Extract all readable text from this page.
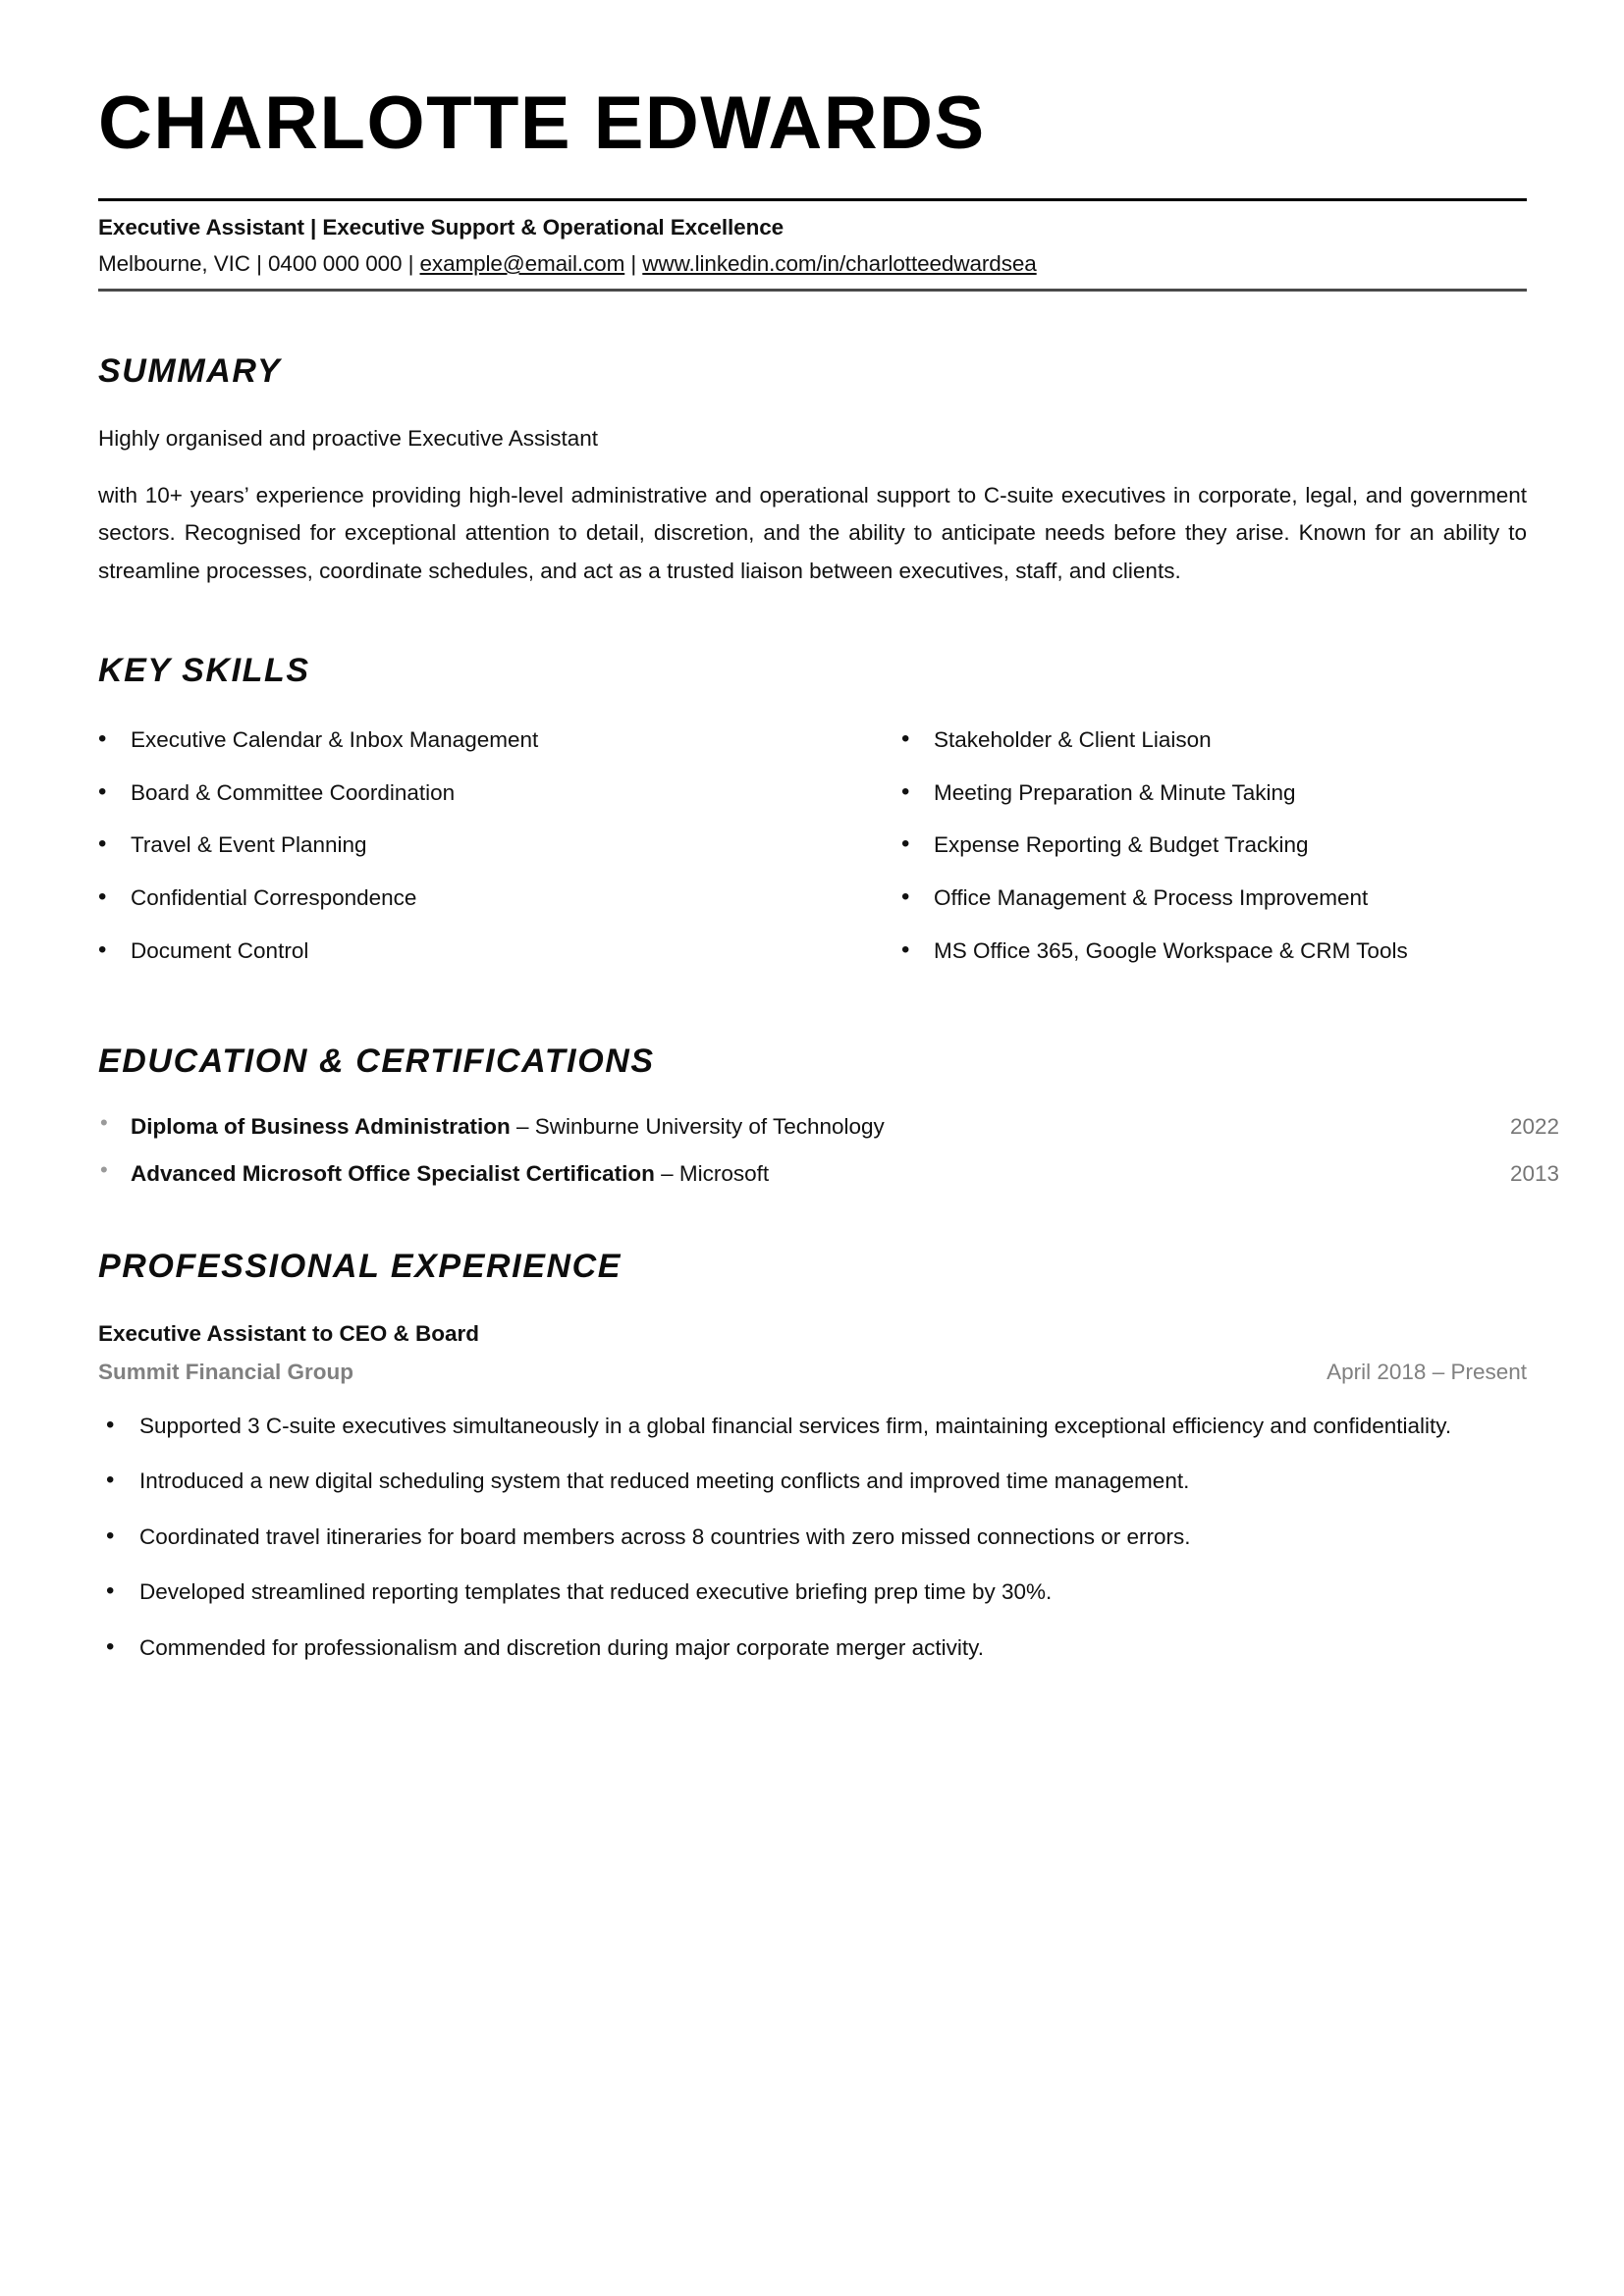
CHARLOTTE EDWARDS
Executive Assistant | Executive Support & Operational Excellence
Melbourne, VIC | 0400 000 000 | example@email.com | www.linkedin.com/in/charlotteedwardsea
SUMMARY

Highly organised and proactive Executive Assistant

with 10+ years’ experience providing high-level administrative and operational support to C-suite executives in corporate, legal, and government sectors. Recognised for exceptional attention to detail, discretion, and the ability to anticipate needs before they arise. Known for an ability to streamline processes, coordinate schedules, and act as a trusted liaison between executives, staff, and clients.

KEY SKILLS
• Executive Calendar & Inbox Management
• Board & Committee Coordination
• Travel & Event Planning
• Confidential Correspondence
• Document Control
• Stakeholder & Client Liaison
• Meeting Preparation & Minute Taking
• Expense Reporting & Budget Tracking
• Office Management & Process Improvement
• MS Office 365, Google Workspace & CRM Tools
EDUCATION & CERTIFICATIONS
• Diploma of Business Administration – Swinburne University of Technology	2022
• Advanced Microsoft Office Specialist Certification – Microsoft	2013
PROFESSIONAL EXPERIENCE
Executive Assistant to CEO & Board
Summit Financial Group	April 2018 – Present
• Supported 3 C-suite executives simultaneously in a global financial services firm, maintaining exceptional efficiency and confidentiality.
• Introduced a new digital scheduling system that reduced meeting conflicts and improved time management.
• Coordinated travel itineraries for board members across 8 countries with zero missed connections or errors.
• Developed streamlined reporting templates that reduced executive briefing prep time by 30%.
• Commended for professionalism and discretion during major corporate merger activity.
